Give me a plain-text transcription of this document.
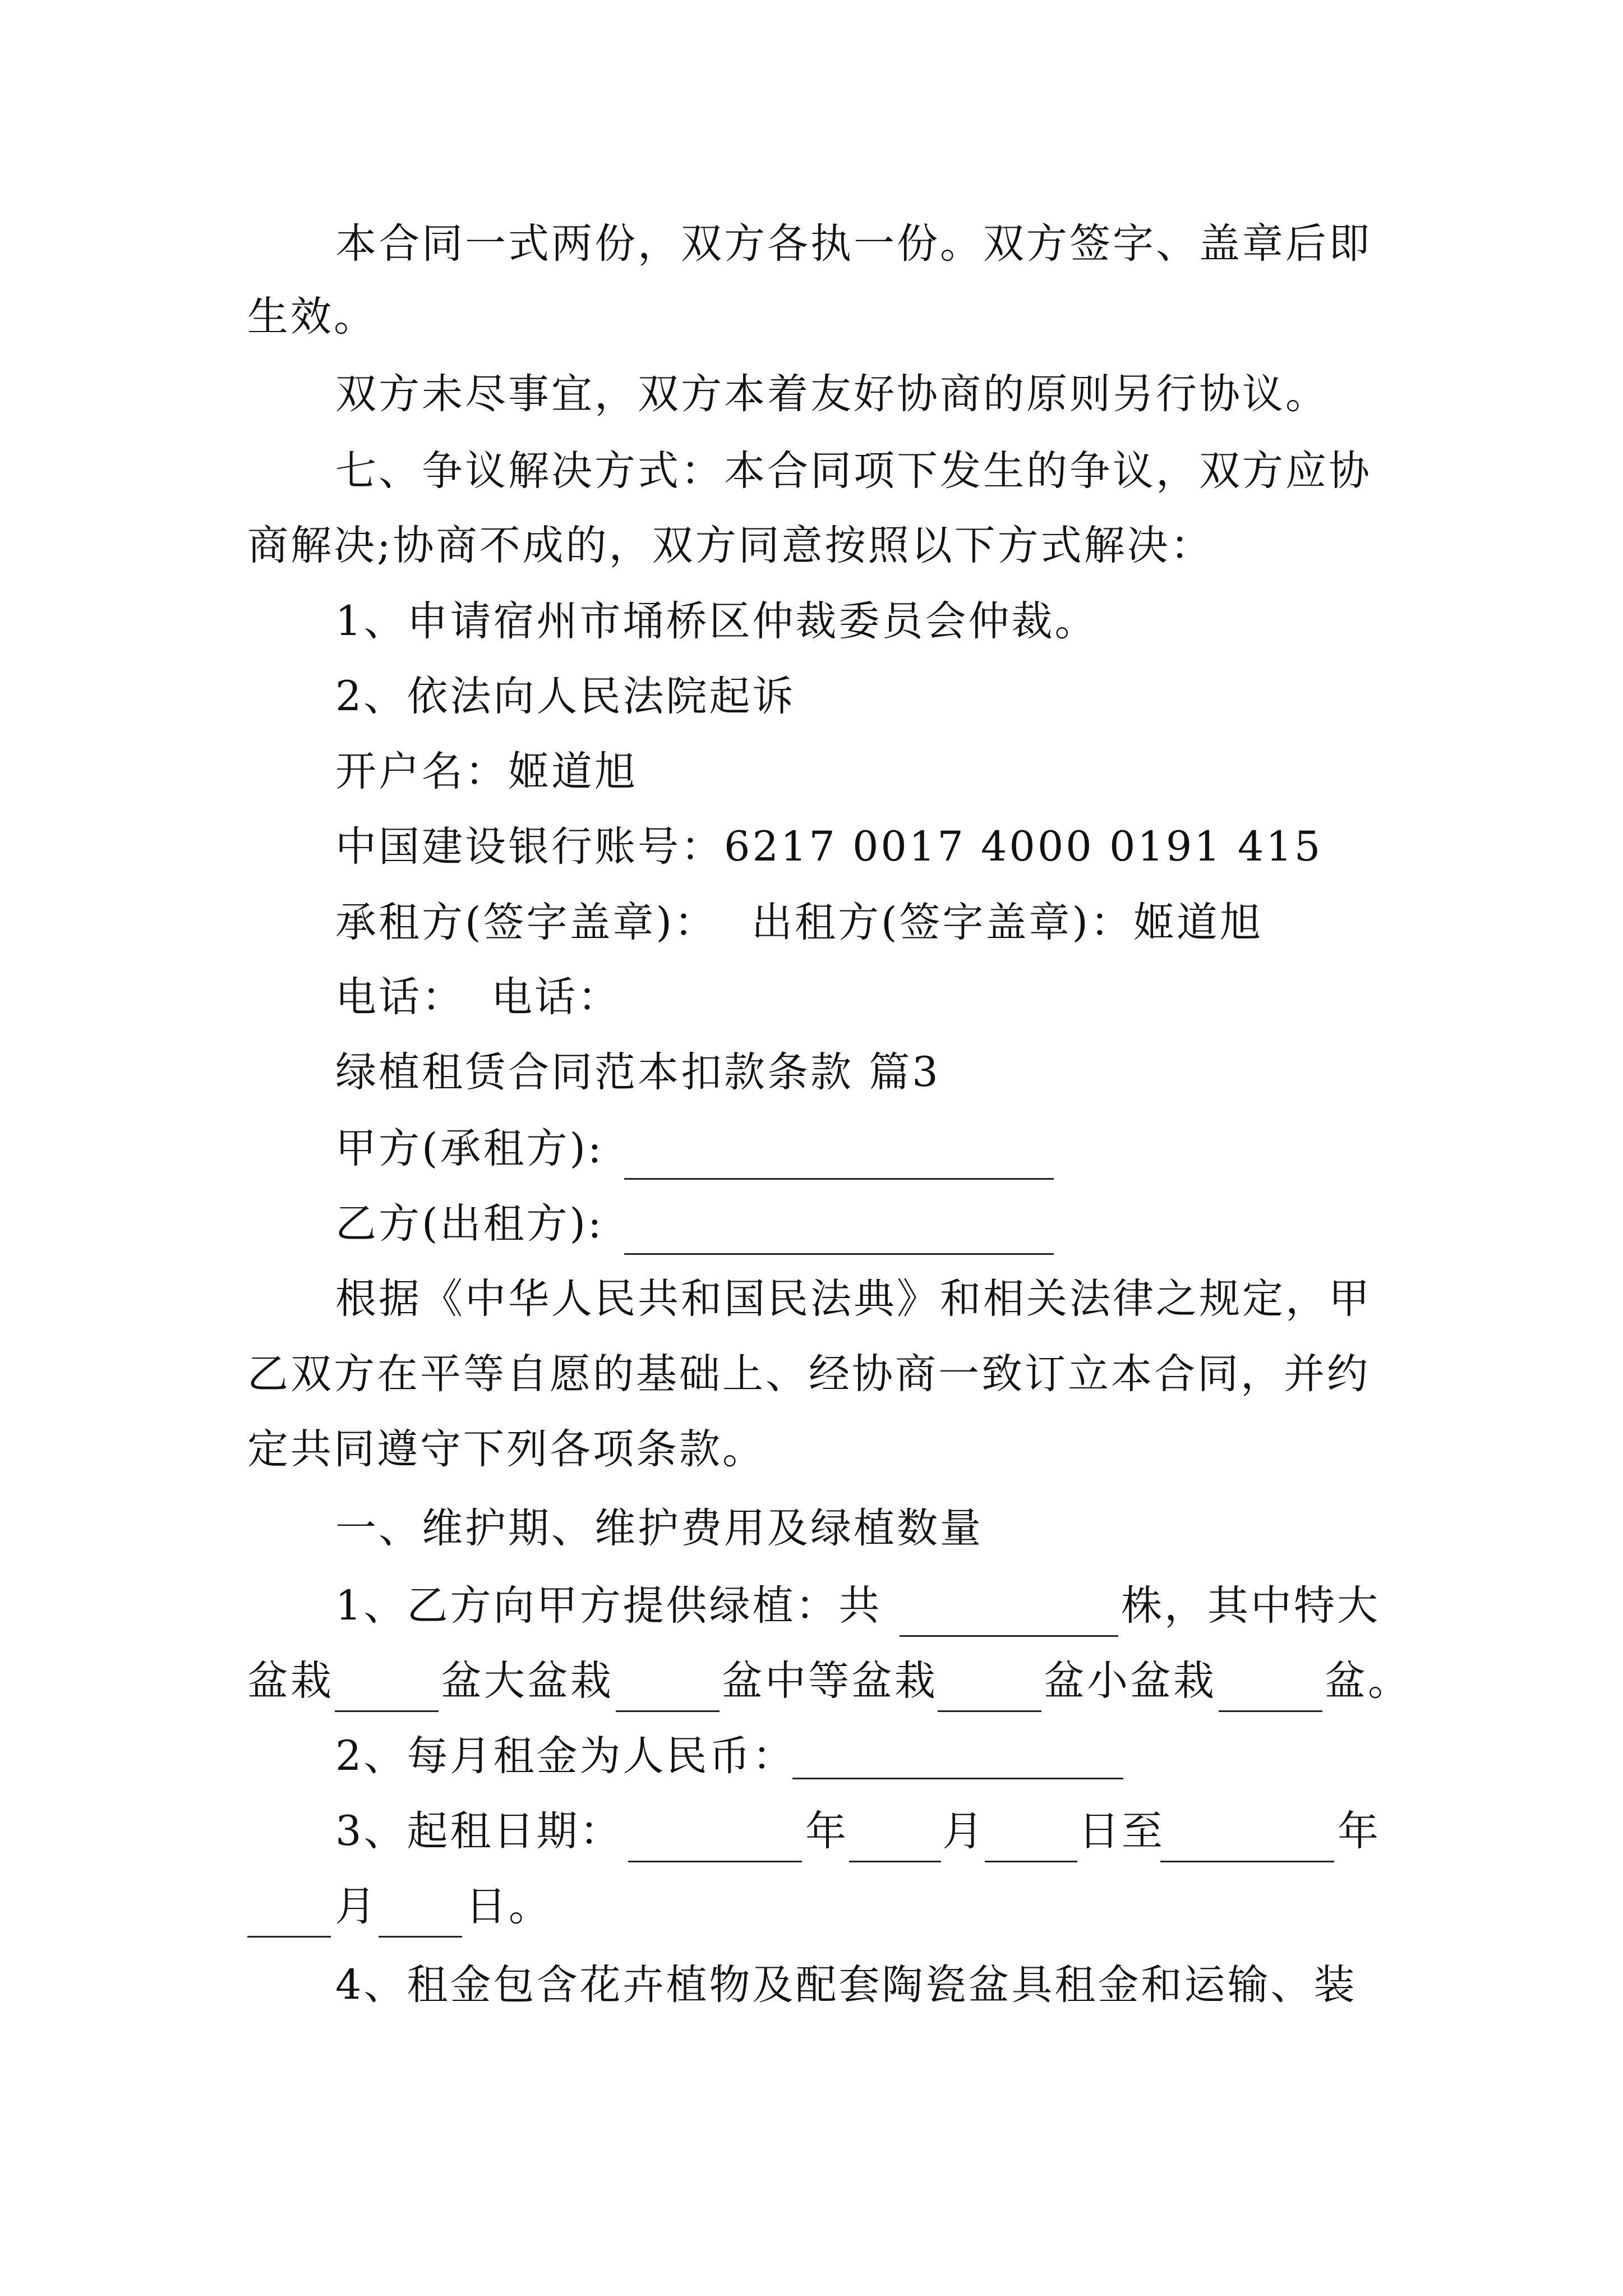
本合同一式两份，双方各执一份。双方签字、盖章后即
生效。
双方未尽事宜，双方本着友好协商的原则另行协议。
七、争议解决方式：本合同项下发生的争议，双方应协
商解决;协商不成的，双方同意按照以下方式解决：
1、申请宿州市埇桥区仲裁委员会仲裁。
2、依法向人民法院起诉
开户名：姬道旭
中国建设银行账号：6217 0017 4000 0191 415
承租方(签字盖章)： 出租方(签字盖章)：姬道旭
电话： 电话：
绿植租赁合同范本扣款条款 篇3
甲方(承租方):
乙方(出租方):
根据《中华人民共和国民法典》和相关法律之规定，甲
乙双方在平等自愿的基础上、经协商一致订立本合同，并约
定共同遵守下列各项条款。
一、维护期、维护费用及绿植数量
1、乙方向甲方提供绿植：共	株，其中特大
盆栽	盆大盆栽	盆中等盆栽	盆小盆栽	盆。
2、每月租金为人民币：
3、起租日期：	年 月 日至	年
月 日。
4、租金包含花卉植物及配套陶瓷盆具租金和运输、装
